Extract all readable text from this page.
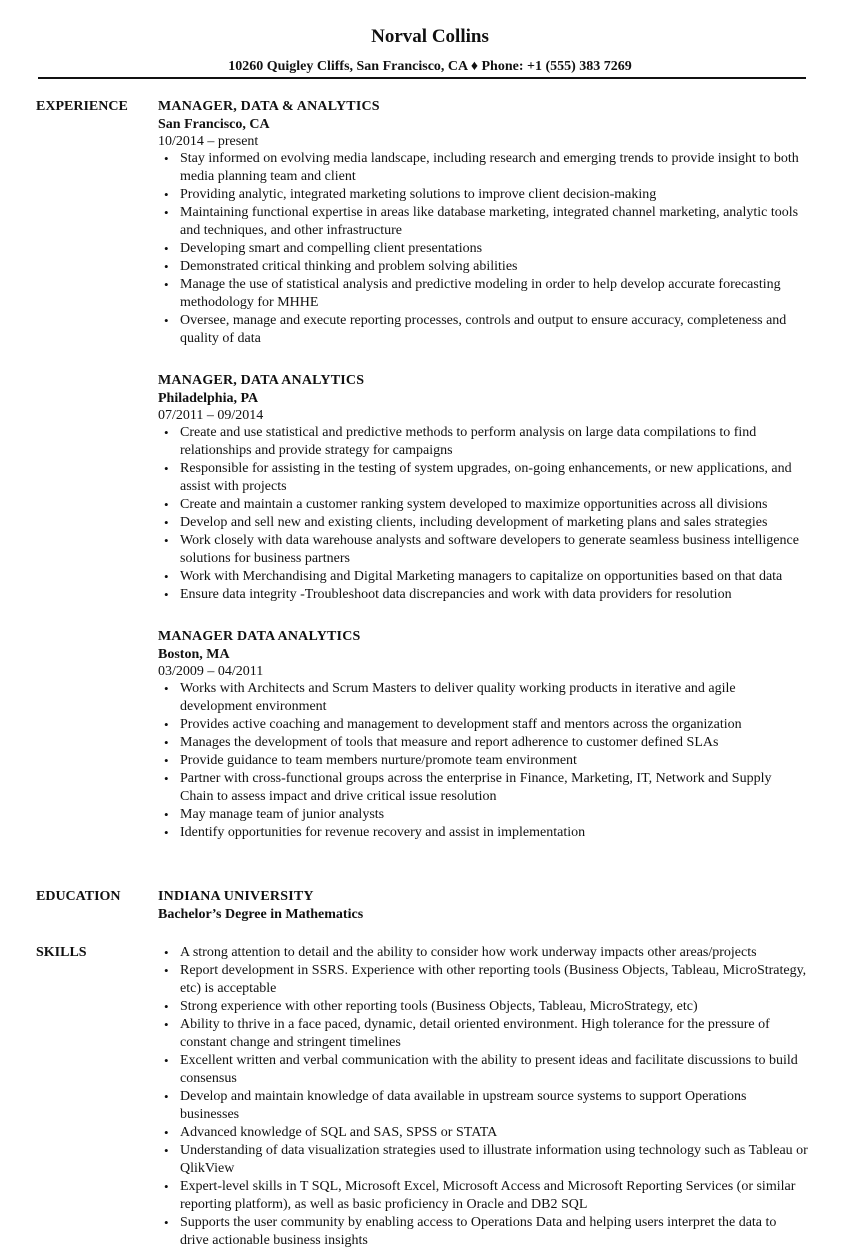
Norval Collins
10260 Quigley Cliffs, San Francisco, CA ♦ Phone: +1 (555) 383 7269
EXPERIENCE MANAGER, DATA & ANALYTICS
San Francisco, CA
10/2014 – present
• Stay informed on evolving media landscape, including research and emerging trends to provide insight to both media planning team and client
• Providing analytic, integrated marketing solutions to improve client decision-making
• Maintaining functional expertise in areas like database marketing, integrated channel marketing, analytic tools and techniques, and other infrastructure
• Developing smart and compelling client presentations
• Demonstrated critical thinking and problem solving abilities
• Manage the use of statistical analysis and predictive modeling in order to help develop accurate forecasting methodology for MHHE
• Oversee, manage and execute reporting processes, controls and output to ensure accuracy, completeness and quality of data
MANAGER, DATA ANALYTICS
Philadelphia, PA
07/2011 – 09/2014
• Create and use statistical and predictive methods to perform analysis on large data compilations to find relationships and provide strategy for campaigns
• Responsible for assisting in the testing of system upgrades, on-going enhancements, or new applications, and assist with projects
• Create and maintain a customer ranking system developed to maximize opportunities across all divisions
• Develop and sell new and existing clients, including development of marketing plans and sales strategies
• Work closely with data warehouse analysts and software developers to generate seamless business intelligence solutions for business partners
• Work with Merchandising and Digital Marketing managers to capitalize on opportunities based on that data
• Ensure data integrity -Troubleshoot data discrepancies and work with data providers for resolution
MANAGER DATA ANALYTICS
Boston, MA
03/2009 – 04/2011
• Works with Architects and Scrum Masters to deliver quality working products in iterative and agile development environment
• Provides active coaching and management to development staff and mentors across the organization
• Manages the development of tools that measure and report adherence to customer defined SLAs
• Provide guidance to team members nurture/promote team environment
• Partner with cross-functional groups across the enterprise in Finance, Marketing, IT, Network and Supply Chain to assess impact and drive critical issue resolution
• May manage team of junior analysts
• Identify opportunities for revenue recovery and assist in implementation
EDUCATION	INDIANA UNIVERSITY
Bachelor’s Degree in Mathematics
SKILLS
•	A strong attention to detail and the ability to consider how work underway impacts other areas/projects
• Report development in SSRS. Experience with other reporting tools (Business Objects, Tableau, MicroStrategy, etc) is acceptable
• Strong experience with other reporting tools (Business Objects, Tableau, MicroStrategy, etc)
• Ability to thrive in a face paced, dynamic, detail oriented environment. High tolerance for the pressure of constant change and stringent timelines
• Excellent written and verbal communication with the ability to present ideas and facilitate discussions to build consensus
• Develop and maintain knowledge of data available in upstream source systems to support Operations businesses
• Advanced knowledge of SQL and SAS, SPSS or STATA
• Understanding of data visualization strategies used to illustrate information using technology such as Tableau or QlikView
• Expert-level skills in T SQL, Microsoft Excel, Microsoft Access and Microsoft Reporting Services (or similar reporting platform), as well as basic proficiency in Oracle and DB2 SQL
• Supports the user community by enabling access to Operations Data and helping users interpret the data to drive actionable business insights
